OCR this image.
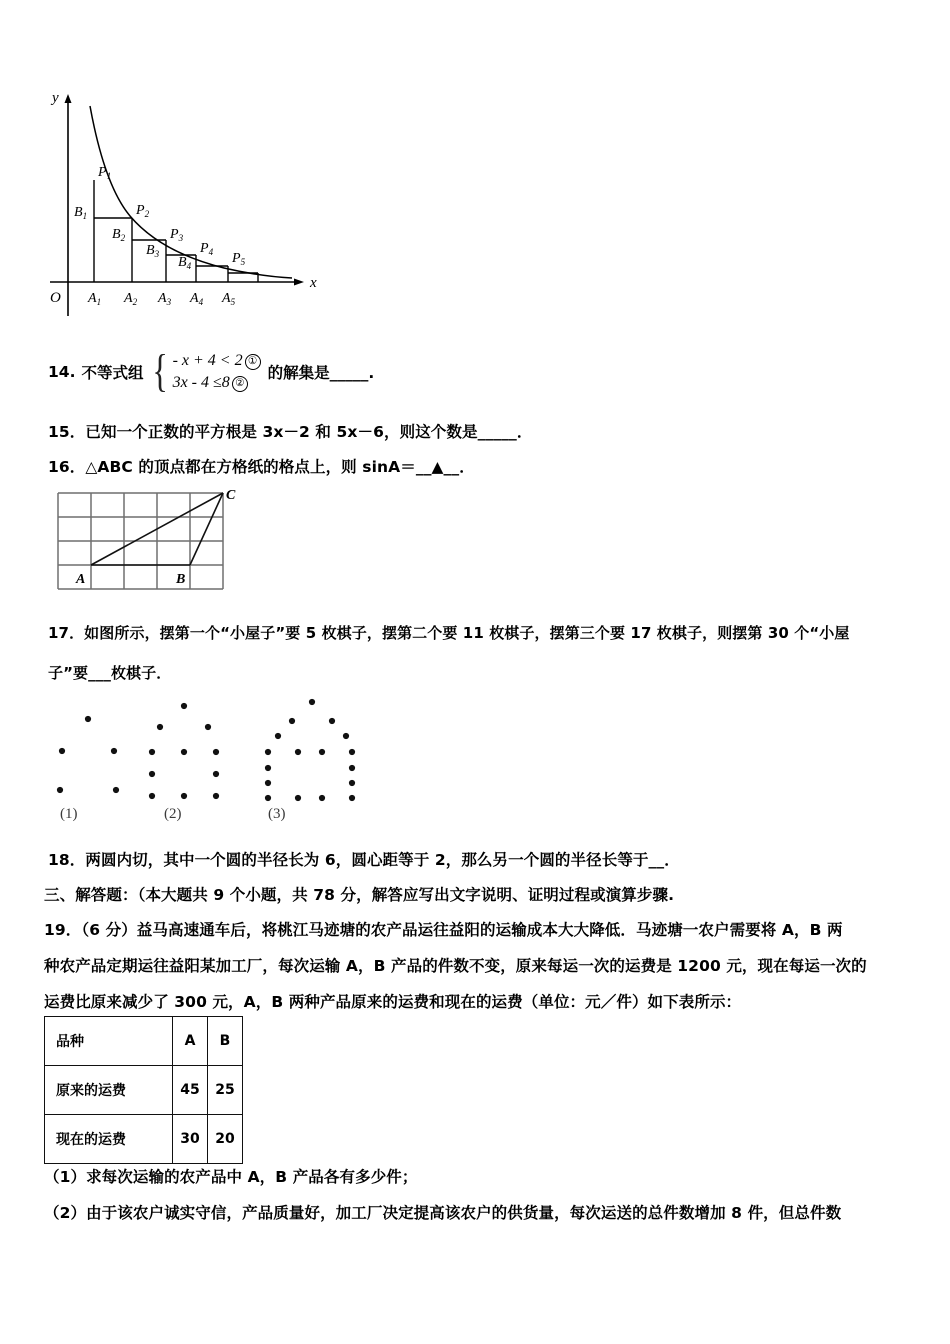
y
x
O
$P_1$
$P_2$
$P_3$
$P_4$ $P_5$
$B_1$
$B_2$
$B_3$
$B_4$
$A_1$ $A_2$ $A_3$ $A_4$ $A_5$
14. 不等式组 { - x + 4 < 2 ①
3x - 4 ≤8 ②
的解集是_____.
15．已知一个正数的平方根是 3x－2 和 5x－6，则这个数是_____．
16．△ABC 的顶点都在方格纸的格点上，则 sinA＝__▲__．
A	B
C
17．如图所示，摆第一个“小屋子”要 5 枚棋子，摆第二个要 11 枚棋子，摆第三个要 17 枚棋子，则摆第 30 个“小屋
子”要___枚棋子．
(1)	(2)	(3)
18．两圆内切，其中一个圆的半径长为 6，圆心距等于 2，那么另一个圆的半径长等于__．
三、解答题：（本大题共 9 个小题，共 78 分，解答应写出文字说明、证明过程或演算步骤.
19．（6 分）益马高速通车后，将桃江马迹塘的农产品运往益阳的运输成本大大降低．马迹塘一农户需要将 A，B 两
种农产品定期运往益阳某加工厂，每次运输 A，B 产品的件数不变，原来每运一次的运费是 1200 元，现在每运一次的
运费比原来减少了 300 元，A，B 两种产品原来的运费和现在的运费（单位：元／件）如下表所示：
品种	A	B
原来的运费	45	25
现在的运费	30	20
（1）求每次运输的农产品中 A，B 产品各有多少件；
（2）由于该农户诚实守信，产品质量好，加工厂决定提高该农户的供货量，每次运送的总件数增加 8 件，但总件数
